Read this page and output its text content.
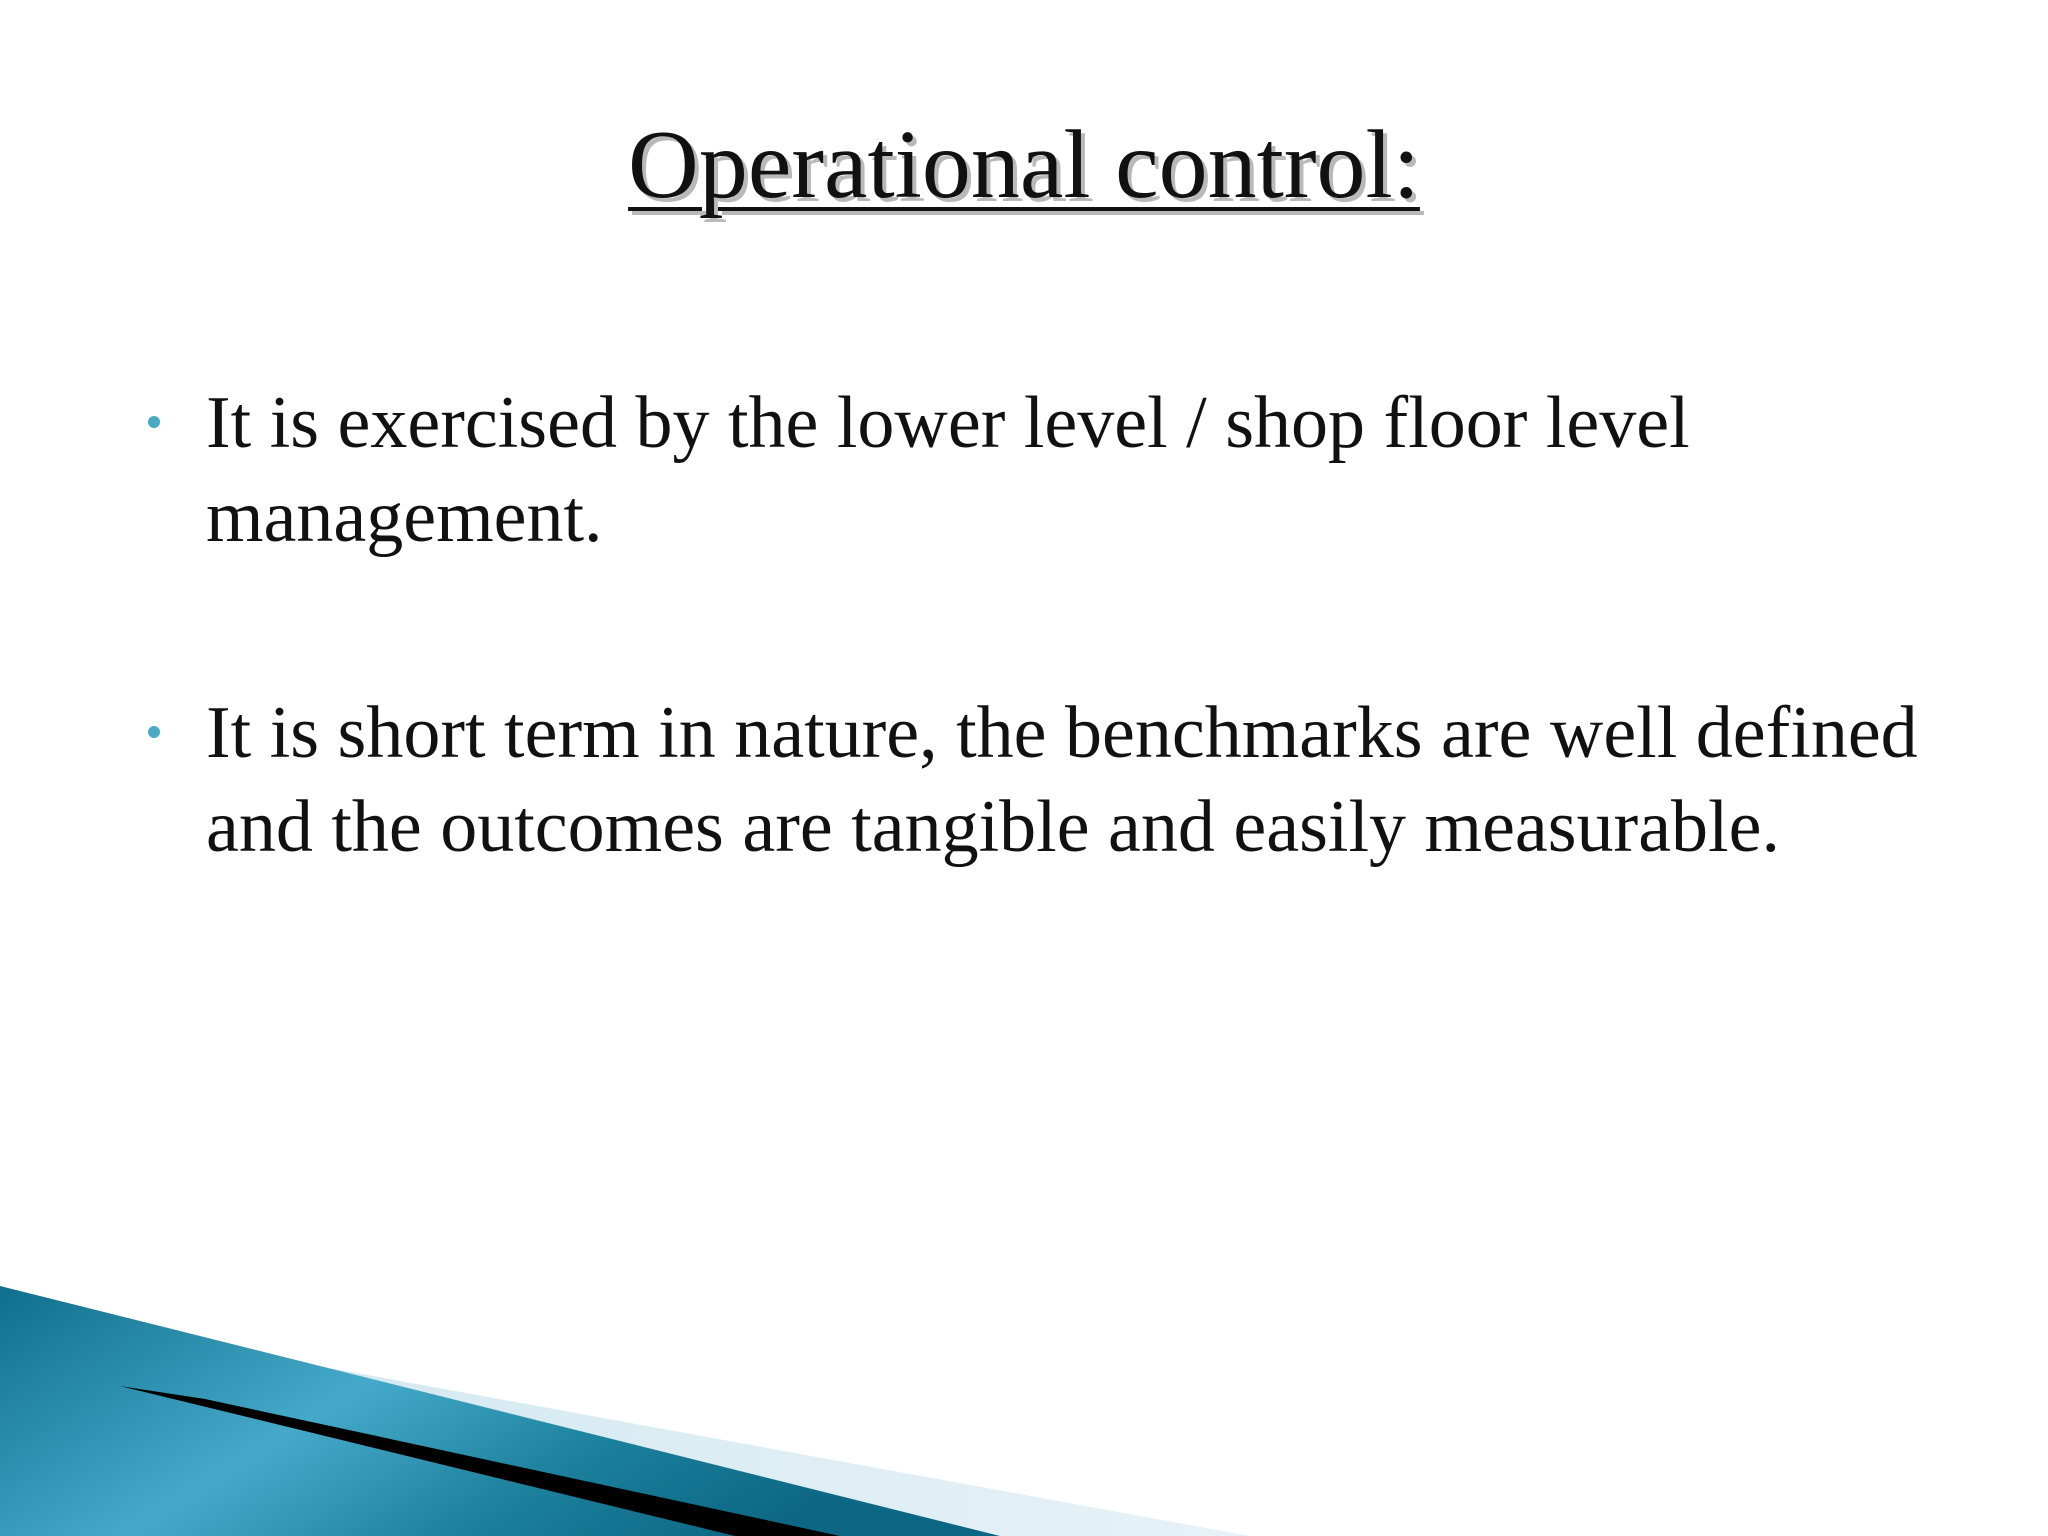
Operational control:
It is exercised by the lower level / shop floor level management.
It is short term in nature, the benchmarks are well defined and the outcomes are tangible and easily measurable.
